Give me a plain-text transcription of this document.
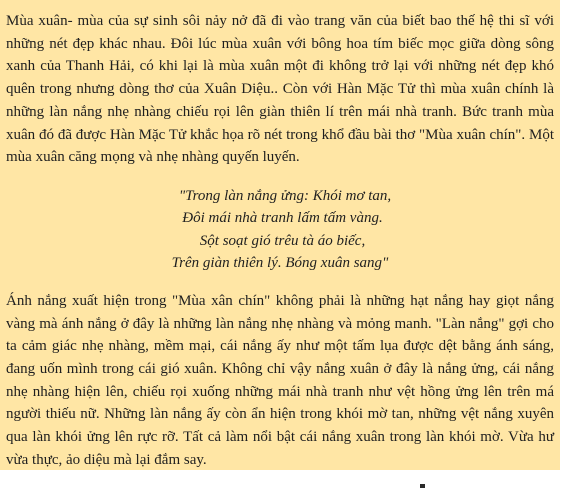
Mùa xuân- mùa của sự sinh sôi nảy nở đã đi vào trang văn của biết bao thế hệ thi sĩ với những nét đẹp khác nhau. Đôi lúc mùa xuân với bông hoa tím biếc mọc giữa dòng sông xanh của Thanh Hải, có khi lại là mùa xuân một đi không trở lại với những nét đẹp khó quên trong nhưng dòng thơ của Xuân Diệu.. Còn với Hàn Mặc Tử thì mùa xuân chính là những làn nắng nhẹ nhàng chiếu rọi lên giàn thiên lí trên mái nhà tranh. Bức tranh mùa xuân đó đã được Hàn Mặc Tử khắc họa rõ nét trong khổ đầu bài thơ "Mùa xuân chín". Một mùa xuân căng mọng và nhẹ nhàng quyến luyến.

"Trong làn nắng ửng: Khói mơ tan,
Đôi mái nhà tranh lấm tấm vàng.
Sột soạt gió trêu tà áo biếc,
Trên giàn thiên lý. Bóng xuân sang"

Ánh nắng xuất hiện trong "Mùa xân chín" không phải là những hạt nắng hay giọt nắng vàng mà ánh nắng ở đây là những làn nắng nhẹ nhàng và mỏng manh. "Làn nắng" gợi cho ta cảm giác nhẹ nhàng, mềm mại, cái nắng ấy như một tấm lụa được dệt bằng ánh sáng, đang uốn mình trong cái gió xuân. Không chỉ vậy nắng xuân ở đây là nắng ửng, cái nắng nhẹ nhàng hiện lên, chiếu rọi xuống những mái nhà tranh như vệt hồng ửng lên trên má người thiếu nữ. Những làn nắng ấy còn ẩn hiện trong khói mờ tan, những vệt nắng xuyên qua làn khói ửng lên rực rỡ. Tất cả làm nổi bật cái nắng xuân trong làn khói mờ. Vừa hư vừa thực, ảo diệu mà lại đắm say.
